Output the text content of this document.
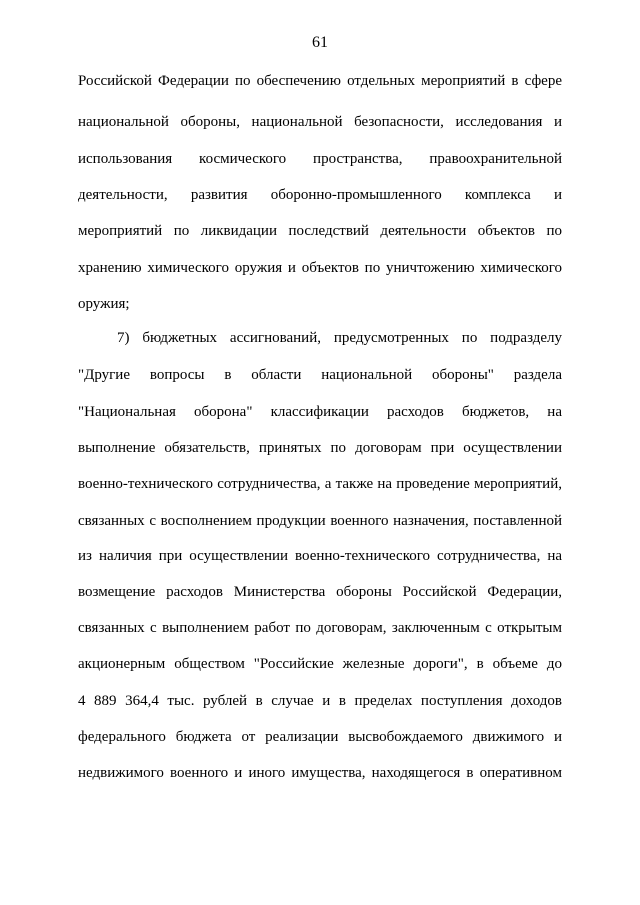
61
Российской Федерации по обеспечению отдельных мероприятий в сфере
национальной обороны, национальной безопасности, исследования и
использования космического пространства, правоохранительной
деятельности, развития оборонно-промышленного комплекса и
мероприятий по ликвидации последствий деятельности объектов по
хранению химического оружия и объектов по уничтожению химического
оружия;
7) бюджетных ассигнований, предусмотренных по подразделу
"Другие вопросы в области национальной обороны" раздела
"Национальная оборона" классификации расходов бюджетов, на
выполнение обязательств, принятых по договорам при осуществлении
военно-технического сотрудничества, а также на проведение мероприятий,
связанных с восполнением продукции военного назначения, поставленной
из наличия при осуществлении военно-технического сотрудничества, на
возмещение расходов Министерства обороны Российской Федерации,
связанных с выполнением работ по договорам, заключенным с открытым
акционерным обществом "Российские железные дороги", в объеме до
4 889 364,4 тыс. рублей в случае и в пределах поступления доходов
федерального бюджета от реализации высвобождаемого движимого и
недвижимого военного и иного имущества, находящегося в оперативном
